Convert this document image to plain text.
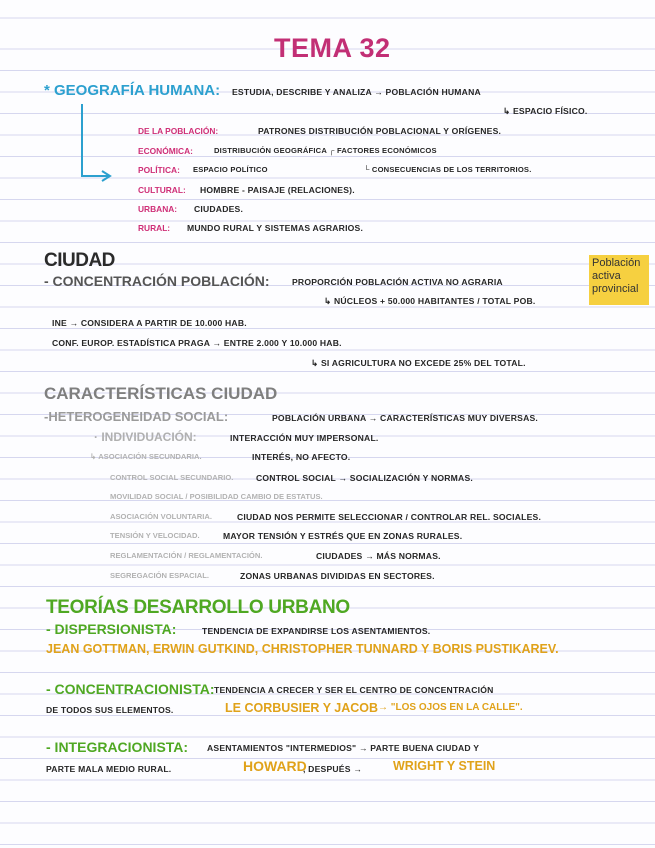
TEMA 32
* GEOGRAFÍA HUMANA: ESTUDIA, DESCRIBE Y ANALIZA → POBLACIÓN HUMANA
↳ ESPACIO FÍSICO.
DE LA POBLACIÓN:	PATRONES DISTRIBUCIÓN POBLACIONAL Y ORÍGENES.
ECONÓMICA:	DISTRIBUCIÓN GEOGRÁFICA ┌ FACTORES ECONÓMICOS
POLÍTICA: ESPACIO POLÍTICO	└ CONSECUENCIAS DE LOS TERRITORIOS.
CULTURAL: HOMBRE - PAISAJE (RELACIONES).
URBANA: CIUDADES.
RURAL: MUNDO RURAL Y SISTEMAS AGRARIOS.
CIUDAD
- CONCENTRACIÓN POBLACIÓN:	PROPORCIÓN POBLACIÓN ACTIVA NO AGRARIA
↳ NÚCLEOS + 50.000 HABITANTES / TOTAL POB.
INE → CONSIDERA A PARTIR DE 10.000 HAB.
CONF. EUROP. ESTADÍSTICA PRAGA → ENTRE 2.000 Y 10.000 HAB.
↳ SI AGRICULTURA NO EXCEDE 25% DEL TOTAL.
Población activa provincial
CARACTERÍSTICAS CIUDAD
-HETEROGENEIDAD SOCIAL:	POBLACIÓN URBANA → CARACTERÍSTICAS MUY DIVERSAS.
· INDIVIDUACIÓN:	INTERACCIÓN MUY IMPERSONAL.
↳ ASOCIACIÓN SECUNDARIA.	INTERÉS, NO AFECTO.
CONTROL SOCIAL SECUNDARIO.	CONTROL SOCIAL → SOCIALIZACIÓN Y NORMAS.
MOVILIDAD SOCIAL / POSIBILIDAD CAMBIO DE ESTATUS.
ASOCIACIÓN VOLUNTARIA.	CIUDAD NOS PERMITE SELECCIONAR / CONTROLAR REL. SOCIALES.
TENSIÓN Y VELOCIDAD.	MAYOR TENSIÓN Y ESTRÉS QUE EN ZONAS RURALES.
REGLAMENTACIÓN / REGLAMENTACIÓN.	CIUDADES → MÁS NORMAS.
SEGREGACIÓN ESPACIAL.	ZONAS URBANAS DIVIDIDAS EN SECTORES.
TEORÍAS DESARROLLO URBANO
- DISPERSIONISTA:	TENDENCIA DE EXPANDIRSE LOS ASENTAMIENTOS.
JEAN GOTTMAN, ERWIN GUTKIND, CHRISTOPHER TUNNARD Y BORIS PUSTIKAREV.
- CONCENTRACIONISTA: TENDENCIA A CRECER Y SER EL CENTRO DE CONCENTRACIÓN
DE TODOS SUS ELEMENTOS.	LE CORBUSIER Y JACOB → "LOS OJOS EN LA CALLE".
- INTEGRACIONISTA: ASENTAMIENTOS "INTERMEDIOS" → PARTE BUENA CIUDAD Y
PARTE MALA MEDIO RURAL.	HOWARD
, DESPUÉS → WRIGHT Y STEIN
